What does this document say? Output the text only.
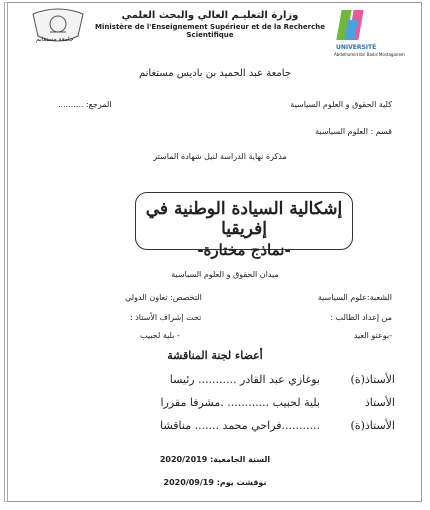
جامعة مستغانم
وزارة التعليـم العالي والبحث العلمي
Ministère de l'Enseignement Supérieur et de la Recherche Scientifique
UNIVERSITÉ
Abdelhamid Ibn Badis Mostaganem
جامعة عبد الحميد بن باديس مستغانم
كلية الحقوق و العلوم السياسية
المرجع: ..........
قسم : العلوم السياسية
مذكرة نهاية الدراسة لنيل شهادة الماستر
إشكالية السيادة الوطنية في إفريقيا
-نماذج مختارة-
ميدان الحقوق و العلوم السياسية
الشعبة:علوم السياسية
التخصص: تعاون الدولي
من إعداد الطالب :
تحت إشراف الأستاذ :
-بوعتو العيد
- بلية لحبيب
أعضاء لجنة المناقشة
الأستاذ(ة)
بوغازي عبد القادر ........... رئيسا
الأستاذ
بلية لحبيب ............ .مشرفا مقررا
الأستاذ(ة)
...........فراحي محمد ....... مناقشا
السنة الجامعية: 2020/2019
نوقشت يوم: 2020/09/19
